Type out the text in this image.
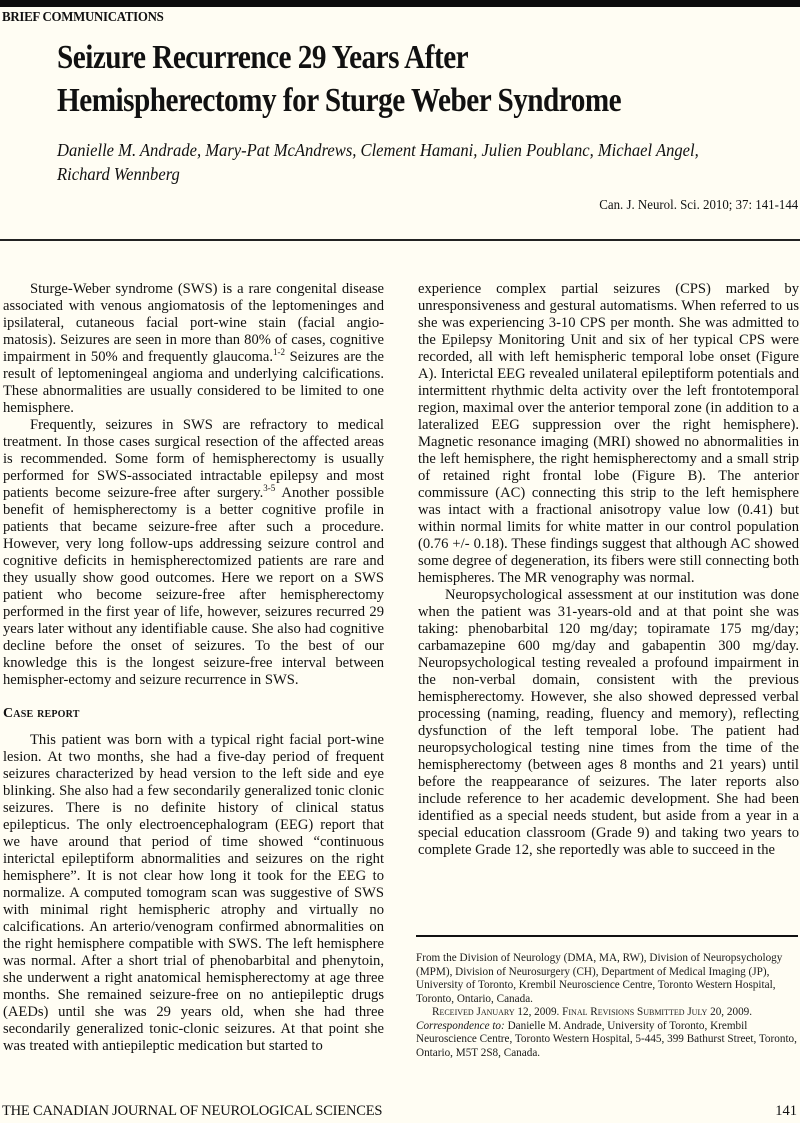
BRIEF COMMUNICATIONS
Seizure Recurrence 29 Years After
Hemispherectomy for Sturge Weber Syndrome
Danielle M. Andrade, Mary-Pat McAndrews, Clement Hamani, Julien Poublanc, Michael Angel,
Richard Wennberg
Can. J. Neurol. Sci. 2010; 37: 141-144

Sturge-Weber syndrome (SWS) is a rare congenital disease associated with venous angiomatosis of the leptomeninges and ipsilateral, cutaneous facial port-wine stain (facial angio-matosis). Seizures are seen in more than 80% of cases, cognitive impairment in 50% and frequently glaucoma.$^{1-2}$ Seizures are the result of leptomeningeal angioma and underlying calcifications. These abnormalities are usually considered to be limited to one hemisphere.

Frequently, seizures in SWS are refractory to medical treatment. In those cases surgical resection of the affected areas is recommended. Some form of hemispherectomy is usually performed for SWS-associated intractable epilepsy and most patients become seizure-free after surgery.$^{3-5}$ Another possible benefit of hemispherectomy is a better cognitive profile in patients that became seizure-free after such a procedure. However, very long follow-ups addressing seizure control and cognitive deficits in hemispherectomized patients are rare and they usually show good outcomes. Here we report on a SWS patient who become seizure-free after hemispherectomy performed in the first year of life, however, seizures recurred 29 years later without any identifiable cause. She also had cognitive decline before the onset of seizures. To the best of our knowledge this is the longest seizure-free interval between hemispher-ectomy and seizure recurrence in SWS.

Case report

This patient was born with a typical right facial port-wine lesion. At two months, she had a five-day period of frequent seizures characterized by head version to the left side and eye blinking. She also had a few secondarily generalized tonic clonic seizures. There is no definite history of clinical status epilepticus. The only electroencephalogram (EEG) report that we have around that period of time showed “continuous interictal epileptiform abnormalities and seizures on the right hemisphere”. It is not clear how long it took for the EEG to normalize. A computed tomogram scan was suggestive of SWS with minimal right hemispheric atrophy and virtually no calcifications. An arterio/venogram confirmed abnormalities on the right hemisphere compatible with SWS. The left hemisphere was normal. After a short trial of phenobarbital and phenytoin, she underwent a right anatomical hemispherectomy at age three months. She remained seizure-free on no antiepileptic drugs (AEDs) until she was 29 years old, when she had three secondarily generalized tonic-clonic seizures. At that point she was treated with antiepileptic medication but started to

experience complex partial seizures (CPS) marked by unresponsiveness and gestural automatisms. When referred to us she was experiencing 3-10 CPS per month. She was admitted to the Epilepsy Monitoring Unit and six of her typical CPS were recorded, all with left hemispheric temporal lobe onset (Figure A). Interictal EEG revealed unilateral epileptiform potentials and intermittent rhythmic delta activity over the left frontotemporal region, maximal over the anterior temporal zone (in addition to a lateralized EEG suppression over the right hemisphere). Magnetic resonance imaging (MRI) showed no abnormalities in the left hemisphere, the right hemispherectomy and a small strip of retained right frontal lobe (Figure B). The anterior commissure (AC) connecting this strip to the left hemisphere was intact with a fractional anisotropy value low (0.41) but within normal limits for white matter in our control population (0.76 +/- 0.18). These findings suggest that although AC showed some degree of degeneration, its fibers were still connecting both hemispheres. The MR venography was normal.

Neuropsychological assessment at our institution was done when the patient was 31-years-old and at that point she was taking: phenobarbital 120 mg/day; topiramate 175 mg/day; carbamazepine 600 mg/day and gabapentin 300 mg/day. Neuropsychological testing revealed a profound impairment in the non-verbal domain, consistent with the previous hemispherectomy. However, she also showed depressed verbal processing (naming, reading, fluency and memory), reflecting dysfunction of the left temporal lobe. The patient had neuropsychological testing nine times from the time of the hemispherectomy (between ages 8 months and 21 years) until before the reappearance of seizures. The later reports also include reference to her academic development. She had been identified as a special needs student, but aside from a year in a special education classroom (Grade 9) and taking two years to complete Grade 12, she reportedly was able to succeed in the

From the Division of Neurology (DMA, MA, RW), Division of Neuropsychology (MPM), Division of Neurosurgery (CH), Department of Medical Imaging (JP), University of Toronto, Krembil Neuroscience Centre, Toronto Western Hospital, Toronto, Ontario, Canada.

Received January 12, 2009. Final Revisions Submitted July 20, 2009.

Correspondence to: Danielle M. Andrade, University of Toronto, Krembil Neuroscience Centre, Toronto Western Hospital, 5-445, 399 Bathurst Street, Toronto, Ontario, M5T 2S8, Canada.

THE CANADIAN JOURNAL OF NEUROLOGICAL SCIENCES	141
